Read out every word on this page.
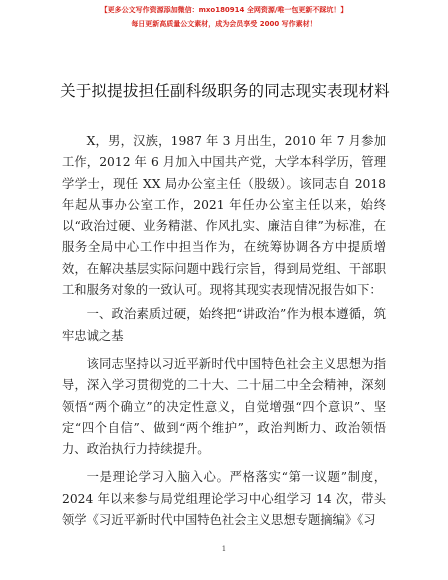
【更多公文写作资源添加微信：mxo180914 全网资源/唯一包更新不踩坑！】
每日更新高质量公文素材，成为会员享受 2000 写作素材！
关于拟提拔担任副科级职务的同志现实表现材料

X，男，汉族，1987 年 3 月出生，2010 年 7 月参加工作，2012 年 6 月加入中国共产党，大学本科学历，管理学学士，现任 XX 局办公室主任（股级）。该同志自 2018 年起从事办公室工作，2021 年任办公室主任以来，始终以“政治过硬、业务精湛、作风扎实、廉洁自律”为标准，在服务全局中心工作中担当作为，在统筹协调各方中提质增效，在解决基层实际问题中践行宗旨，得到局党组、干部职工和服务对象的一致认可。现将其现实表现情况报告如下：

一、政治素质过硬，始终把“讲政治”作为根本遵循，筑牢忠诚之基

该同志坚持以习近平新时代中国特色社会主义思想为指导，深入学习贯彻党的二十大、二十届二中全会精神，深刻领悟“两个确立”的决定性意义，自觉增强“四个意识”、坚定“四个自信”、做到“两个维护”，政治判断力、政治领悟力、政治执行力持续提升。

一是理论学习入脑入心。严格落实“第一议题”制度，2024 年以来参与局党组理论学习中心组学习 14 次，带头领学《习近平新时代中国特色社会主义思想专题摘编》《习

1
